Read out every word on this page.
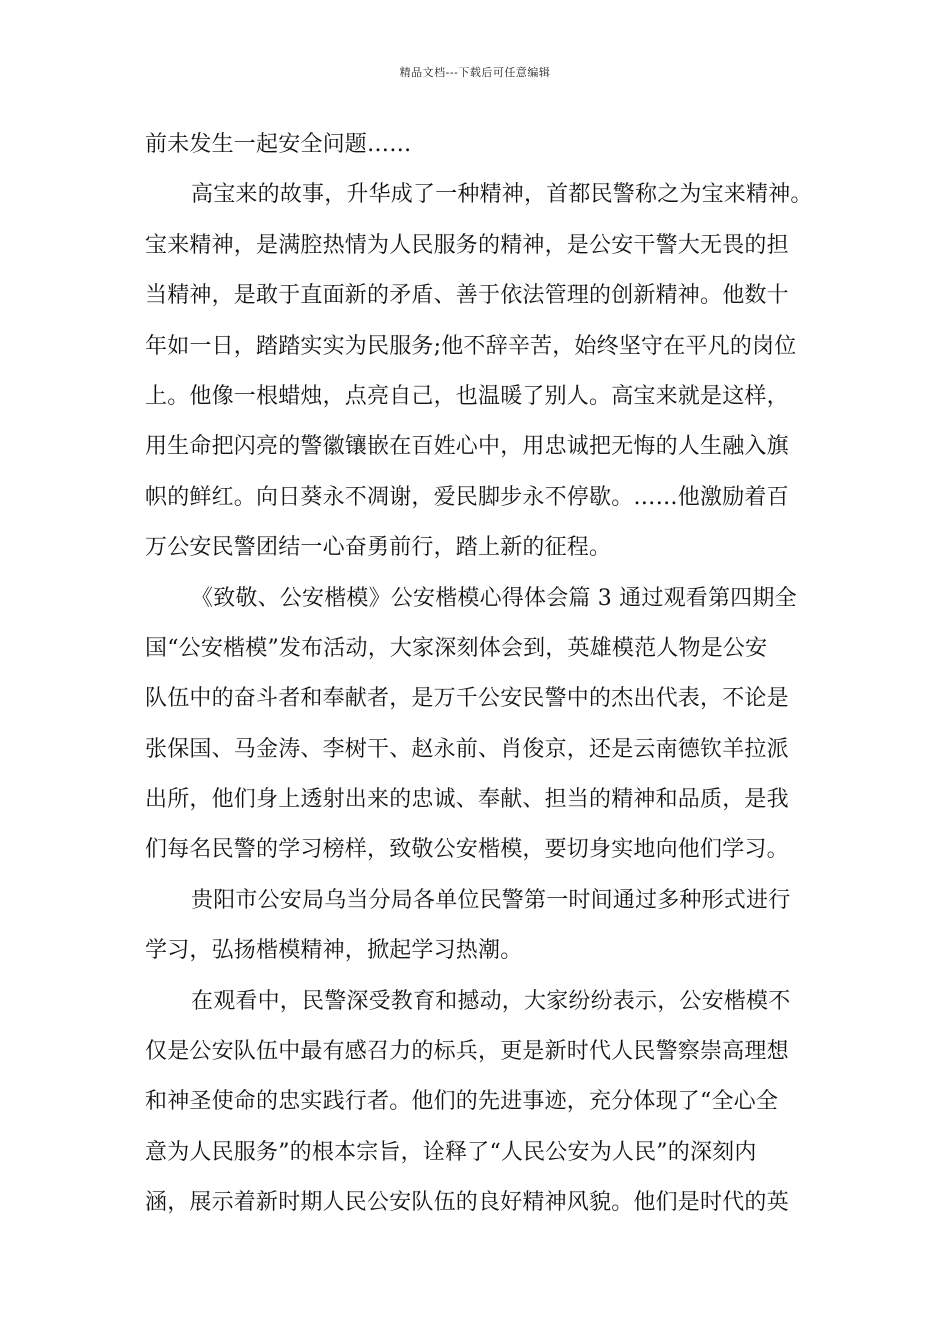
精品文档---下载后可任意编辑
前未发生一起安全问题……
高宝来的故事，升华成了一种精神，首都民警称之为宝来精神。
宝来精神，是满腔热情为人民服务的精神，是公安干警大无畏的担
当精神，是敢于直面新的矛盾、善于依法管理的创新精神。他数十
年如一日，踏踏实实为民服务;他不辞辛苦，始终坚守在平凡的岗位
上。他像一根蜡烛，点亮自己，也温暖了别人。高宝来就是这样，
用生命把闪亮的警徽镶嵌在百姓心中，用忠诚把无悔的人生融入旗
帜的鲜红。向日葵永不凋谢，爱民脚步永不停歇。……他激励着百
万公安民警团结一心奋勇前行，踏上新的征程。
《致敬、公安楷模》公安楷模心得体会篇 3 通过观看第四期全
国“公安楷模”发布活动，大家深刻体会到，英雄模范人物是公安
队伍中的奋斗者和奉献者，是万千公安民警中的杰出代表，不论是
张保国、马金涛、李树干、赵永前、肖俊京，还是云南德钦羊拉派
出所，他们身上透射出来的忠诚、奉献、担当的精神和品质，是我
们每名民警的学习榜样，致敬公安楷模，要切身实地向他们学习。
贵阳市公安局乌当分局各单位民警第一时间通过多种形式进行
学习，弘扬楷模精神，掀起学习热潮。
在观看中，民警深受教育和撼动，大家纷纷表示，公安楷模不
仅是公安队伍中最有感召力的标兵，更是新时代人民警察崇高理想
和神圣使命的忠实践行者。他们的先进事迹，充分体现了“全心全
意为人民服务”的根本宗旨，诠释了“人民公安为人民”的深刻内
涵，展示着新时期人民公安队伍的良好精神风貌。他们是时代的英
